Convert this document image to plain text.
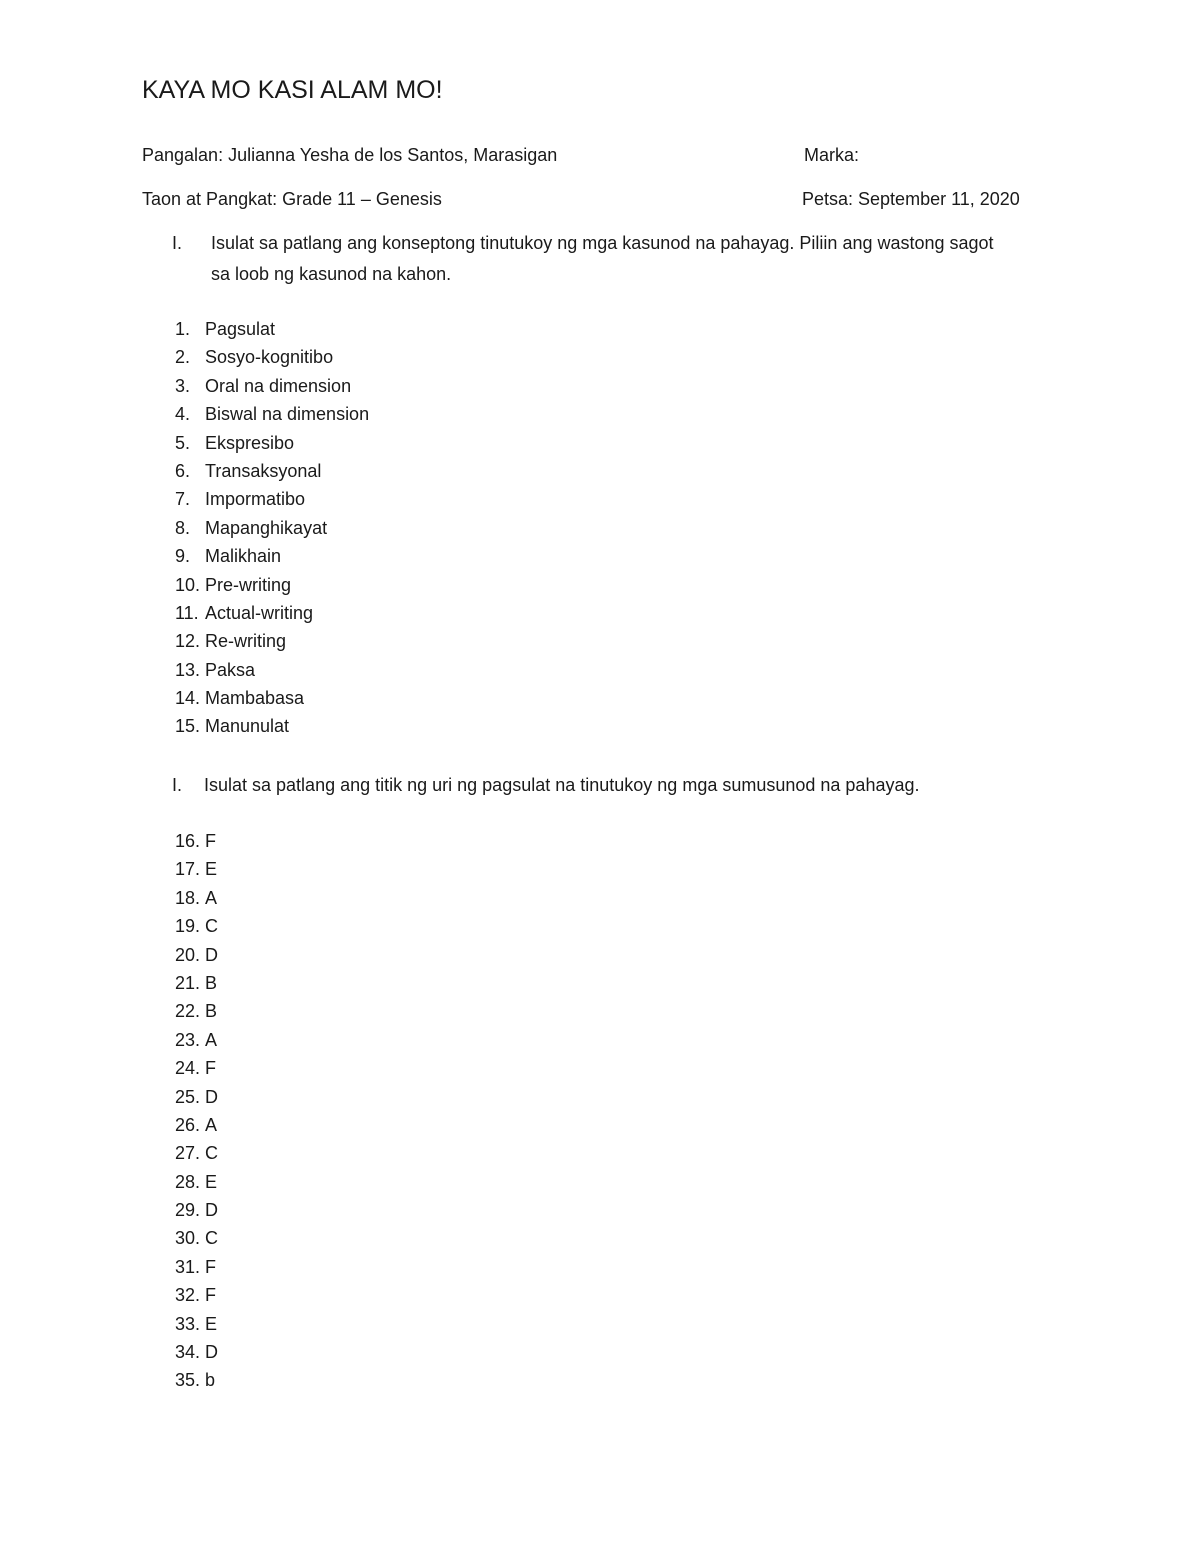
KAYA MO KASI ALAM MO!
Pangalan: Julianna Yesha de los Santos, Marasigan	Marka:
Taon at Pangkat: Grade 11 – Genesis	Petsa: September 11, 2020
I.	Isulat sa patlang ang konseptong tinutukoy ng mga kasunod na pahayag. Piliin ang wastong sagot
sa loob ng kasunod na kahon.
1. Pagsulat
2. Sosyo-kognitibo
3. Oral na dimension
4. Biswal na dimension
5. Ekspresibo
6. Transaksyonal
7. Impormatibo
8. Mapanghikayat
9. Malikhain
10. Pre-writing
11. Actual-writing
12. Re-writing
13. Paksa
14. Mambabasa
15. Manunulat
I.	Isulat sa patlang ang titik ng uri ng pagsulat na tinutukoy ng mga sumusunod na pahayag.
16. F
17. E
18. A
19. C
20. D
21. B
22. B
23. A
24. F
25. D
26. A
27. C
28. E
29. D
30. C
31. F
32. F
33. E
34. D
35. b
